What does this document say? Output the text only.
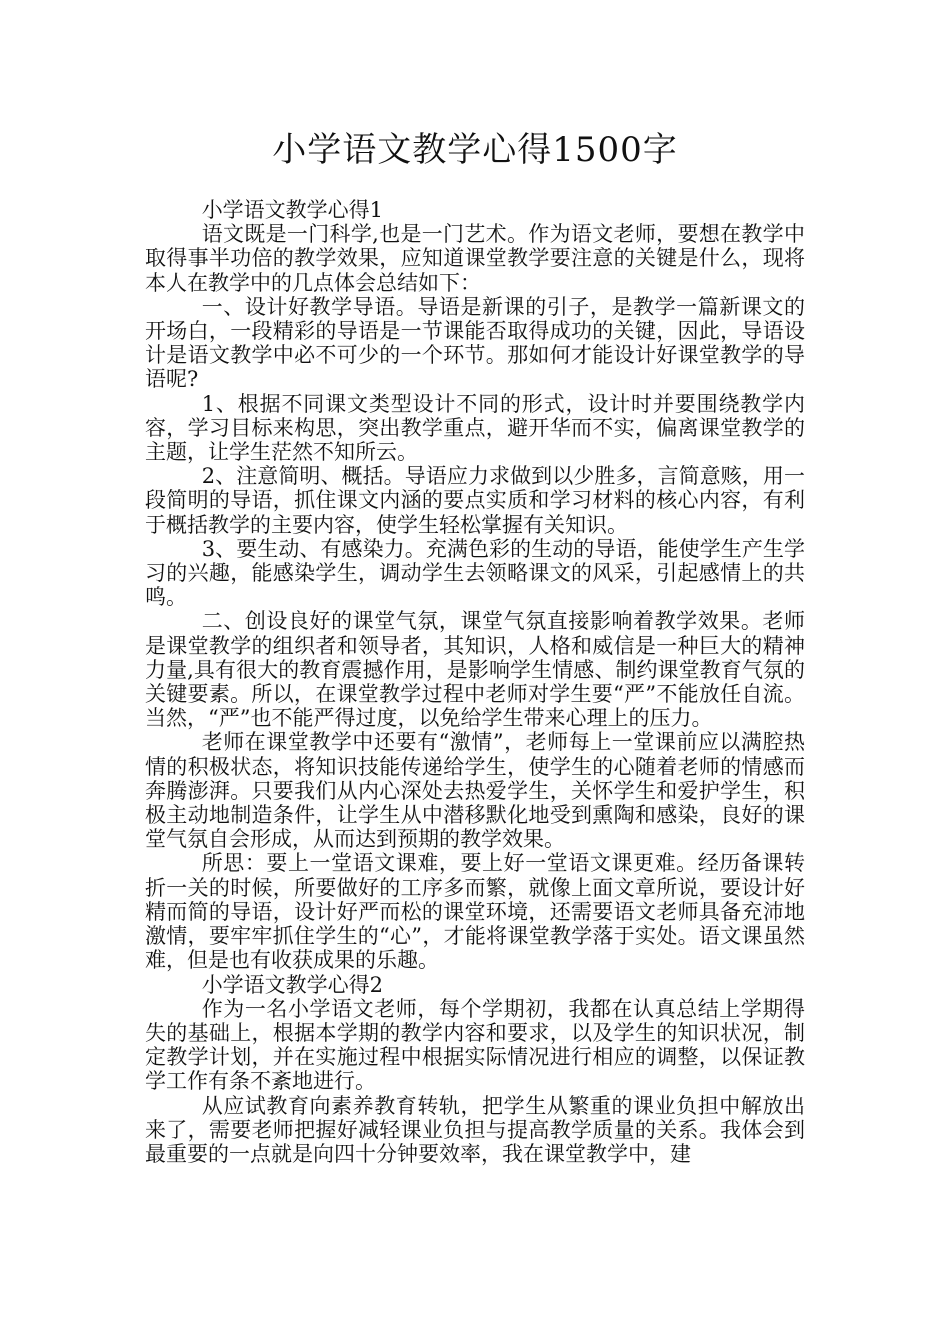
小学语文教学心得1500字

小学语文教学心得1

语文既是一门科学,也是一门艺术。作为语文老师，要想在教学中取得事半功倍的教学效果，应知道课堂教学要注意的关键是什么，现将本人在教学中的几点体会总结如下：

一、设计好教学导语。导语是新课的引子，是教学一篇新课文的开场白，一段精彩的导语是一节课能否取得成功的关键，因此，导语设计是语文教学中必不可少的一个环节。那如何才能设计好课堂教学的导语呢?

1、根据不同课文类型设计不同的形式，设计时并要围绕教学内容，学习目标来构思，突出教学重点，避开华而不实，偏离课堂教学的主题，让学生茫然不知所云。

2、注意简明、概括。导语应力求做到以少胜多，言简意赅，用一段简明的导语，抓住课文内涵的要点实质和学习材料的核心内容，有利于概括教学的主要内容，使学生轻松掌握有关知识。

3、要生动、有感染力。充满色彩的生动的导语，能使学生产生学习的兴趣，能感染学生，调动学生去领略课文的风采，引起感情上的共鸣。

二、创设良好的课堂气氛，课堂气氛直接影响着教学效果。老师是课堂教学的组织者和领导者，其知识，人格和威信是一种巨大的精神力量,具有很大的教育震撼作用，是影响学生情感、制约课堂教育气氛的关键要素。所以，在课堂教学过程中老师对学生要“严”不能放任自流。当然，“严”也不能严得过度，以免给学生带来心理上的压力。

老师在课堂教学中还要有“激情”，老师每上一堂课前应以满腔热情的积极状态，将知识技能传递给学生，使学生的心随着老师的情感而奔腾澎湃。只要我们从内心深处去热爱学生，关怀学生和爱护学生，积极主动地制造条件，让学生从中潜移默化地受到熏陶和感染，良好的课堂气氛自会形成，从而达到预期的教学效果。

所思：要上一堂语文课难，要上好一堂语文课更难。经历备课转折一关的时候，所要做好的工序多而繁，就像上面文章所说，要设计好精而简的导语，设计好严而松的课堂环境，还需要语文老师具备充沛地激情，要牢牢抓住学生的“心”，才能将课堂教学落于实处。语文课虽然难，但是也有收获成果的乐趣。

小学语文教学心得2

作为一名小学语文老师，每个学期初，我都在认真总结上学期得失的基础上，根据本学期的教学内容和要求，以及学生的知识状况，制定教学计划，并在实施过程中根据实际情况进行相应的调整，以保证教学工作有条不紊地进行。

从应试教育向素养教育转轨，把学生从繁重的课业负担中解放出来了，需要老师把握好减轻课业负担与提高教学质量的关系。我体会到最重要的一点就是向四十分钟要效率，我在课堂教学中，建
